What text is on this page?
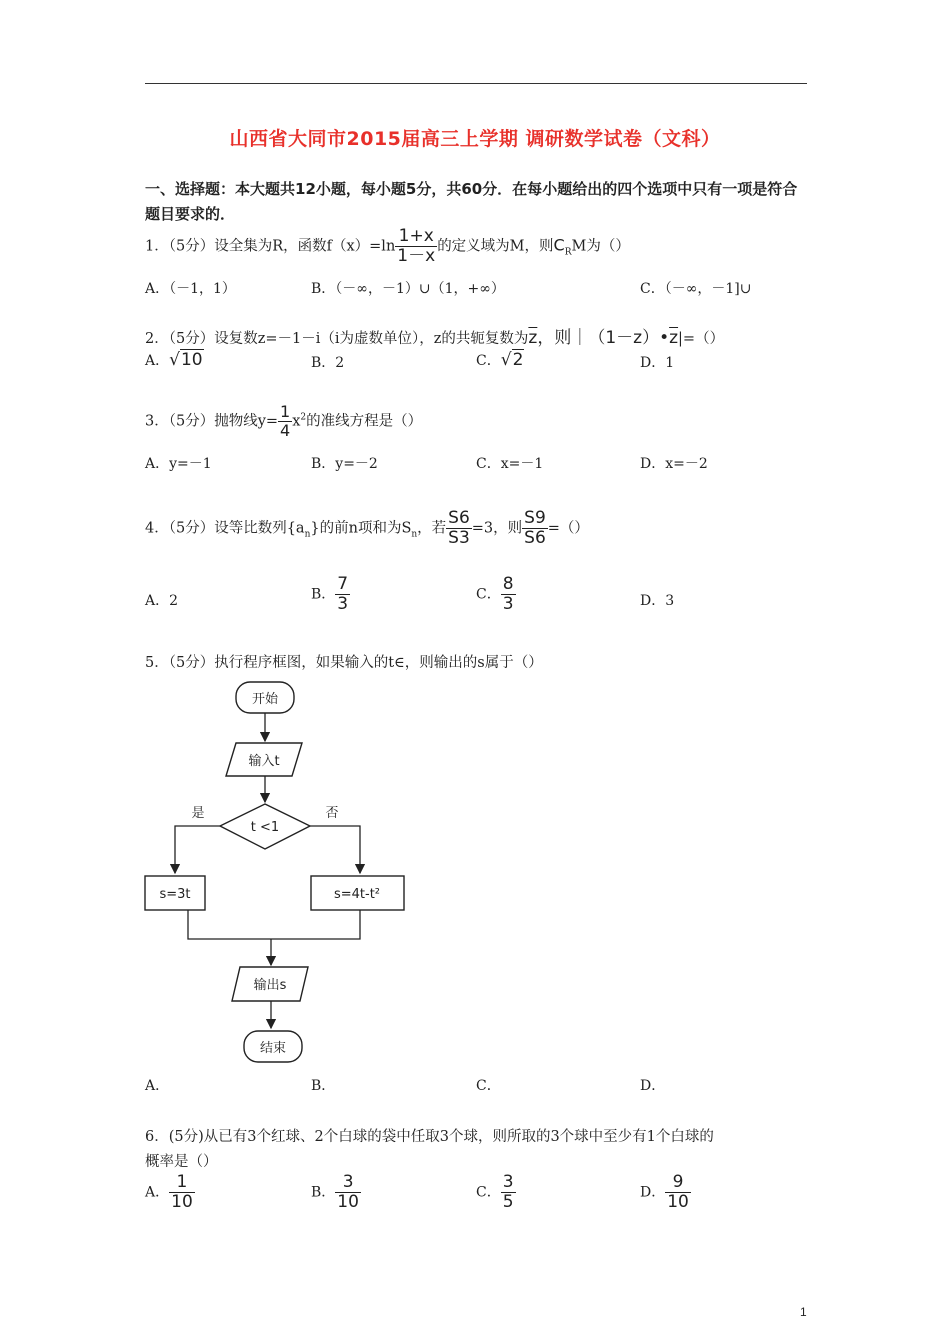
山西省大同市2015届高三上学期 调研数学试卷（文科）
一、选择题：本大题共12小题，每小题5分，共60分．在每小题给出的四个选项中只有一项是符合题目要求的．
1．（5分）设全集为R，函数$f(x)=\ln \frac{1+x}{1-x}$ 的定义域为M，则$C_RM$为（）
A．（－1，1）	B．（－∞，－1）∪（1，+∞）	C．（－∞，－1]∪
2．（5分）设复数z=－1－i（i为虚数单位），z的共轭复数为$\overline{z}$，则$|(1-z)•\overline{z}|=()$
A．√10	B．2	C．√2	D．1
3．（5分）抛物线$y= \frac{1}{4} x^2$的准线方程是（）
A．y=－1	B．y=－2	C．x=－1	D．x=－2
4．（5分）设等比数列$\{a_n\}$的前n项和为$S_n$，若 $\frac{S6}{S3} =3$，则 $\frac{S9}{S6}$ =（）
A．2	B． $\frac{7}{3}$	C． $\frac{8}{3}$	D．3
5．（5分）执行程序框图，如果输入的t∈，则输出的s属于（）
开始
输入t
t <1
是	否
s=3t	s=4t-t²
输出s
结束
A．	B．	C．	D．
6．(5分)从已有3个红球、2个白球的袋中任取3个球，则所取的3个球中至少有1个白球的
概率是（）
A． $\frac{1}{10}$	B． $\frac{3}{10}$	C． $\frac{3}{5}$	D． $\frac{9}{10}$
1
